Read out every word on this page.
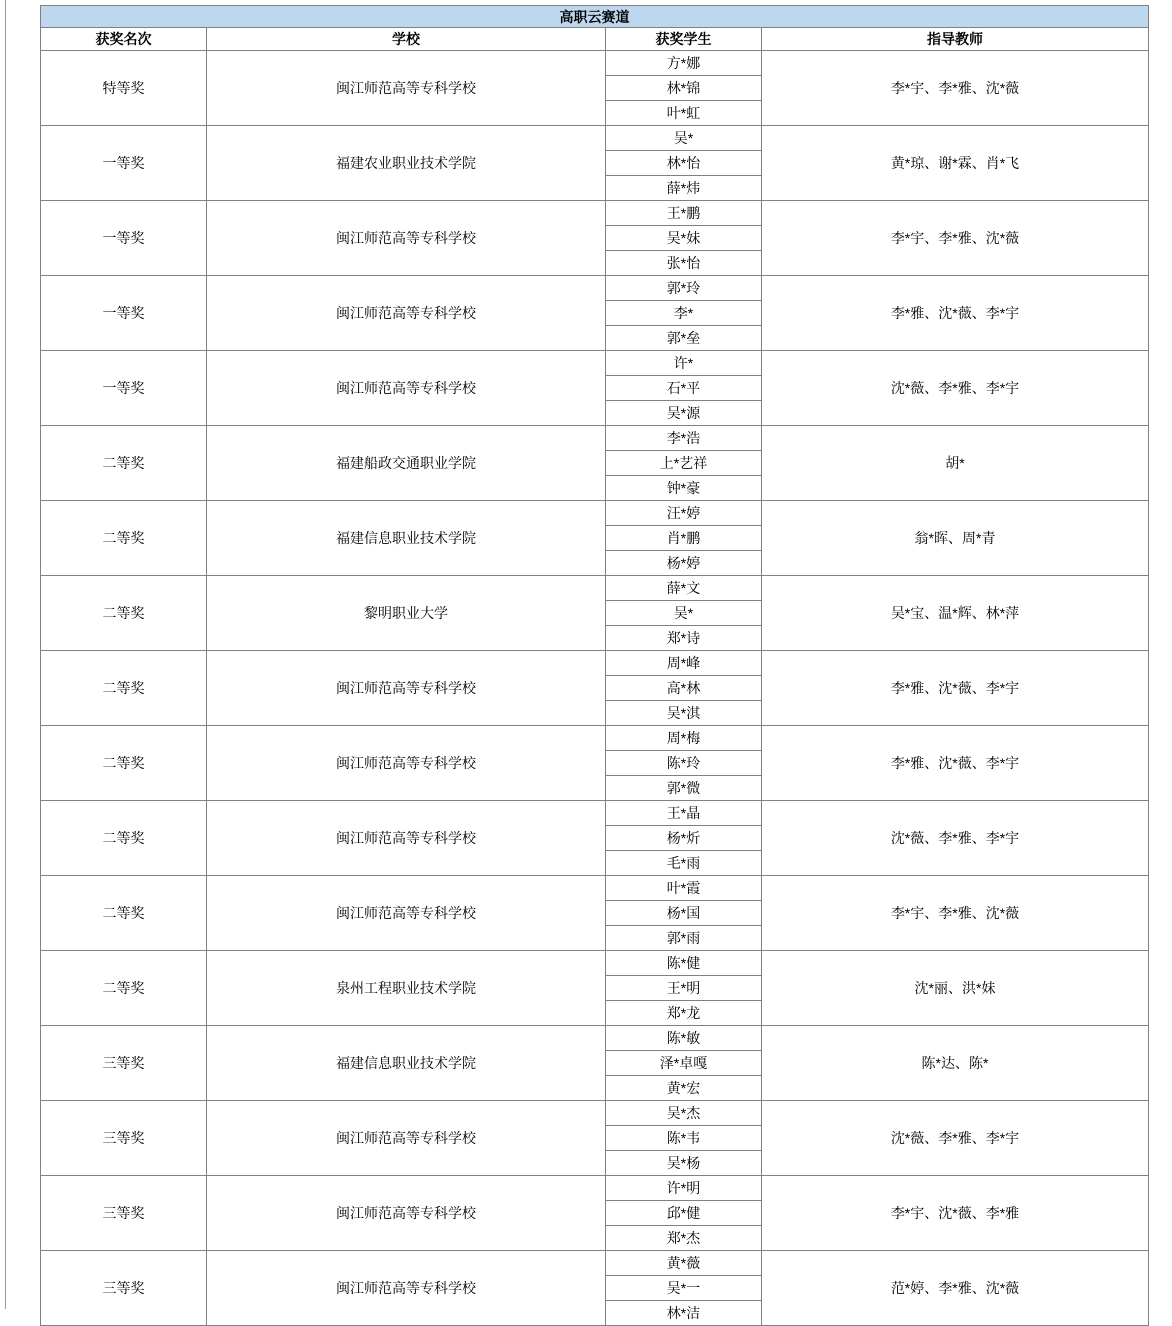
高职云赛道			
获奖名次	学校	获奖学生	指导教师
特等奖	闽江师范高等专科学校	方*娜	李*宇、李*雅、沈*薇
		林*锦	
		叶*虹	
一等奖	福建农业职业技术学院	吴*	黄*琼、谢*霖、肖*飞
		林*怡	
		薛*炜	
一等奖	闽江师范高等专科学校	王*鹏	李*宇、李*雅、沈*薇
		吴*妹	
		张*怡	
一等奖	闽江师范高等专科学校	郭*玲	李*雅、沈*薇、李*宇
		李*	
		郭*垒	
一等奖	闽江师范高等专科学校	许*	沈*薇、李*雅、李*宇
		石*平	
		吴*源	
二等奖	福建船政交通职业学院	李*浩	胡*
		上*艺祥	
		钟*豪	
二等奖	福建信息职业技术学院	汪*婷	翁*晖、周*青
		肖*鹏	
		杨*婷	
二等奖	黎明职业大学	薛*文	吴*宝、温*辉、林*萍
		吴*	
		郑*诗	
二等奖	闽江师范高等专科学校	周*峰	李*雅、沈*薇、李*宇
		高*林	
		吴*淇	
二等奖	闽江师范高等专科学校	周*梅	李*雅、沈*薇、李*宇
		陈*玲	
		郭*微	
二等奖	闽江师范高等专科学校	王*晶	沈*薇、李*雅、李*宇
		杨*炘	
		毛*雨	
二等奖	闽江师范高等专科学校	叶*霞	李*宇、李*雅、沈*薇
		杨*国	
		郭*雨	
二等奖	泉州工程职业技术学院	陈*健	沈*丽、洪*妹
		王*明	
		郑*龙	
三等奖	福建信息职业技术学院	陈*敏	陈*达、陈*
		泽*卓嘎	
		黄*宏	
三等奖	闽江师范高等专科学校	吴*杰	沈*薇、李*雅、李*宇
		陈*韦	
		吴*杨	
三等奖	闽江师范高等专科学校	许*明	李*宇、沈*薇、李*雅
		邱*健	
		郑*杰	
三等奖	闽江师范高等专科学校	黄*薇	范*婷、李*雅、沈*薇
		吴*一	
		林*洁	
